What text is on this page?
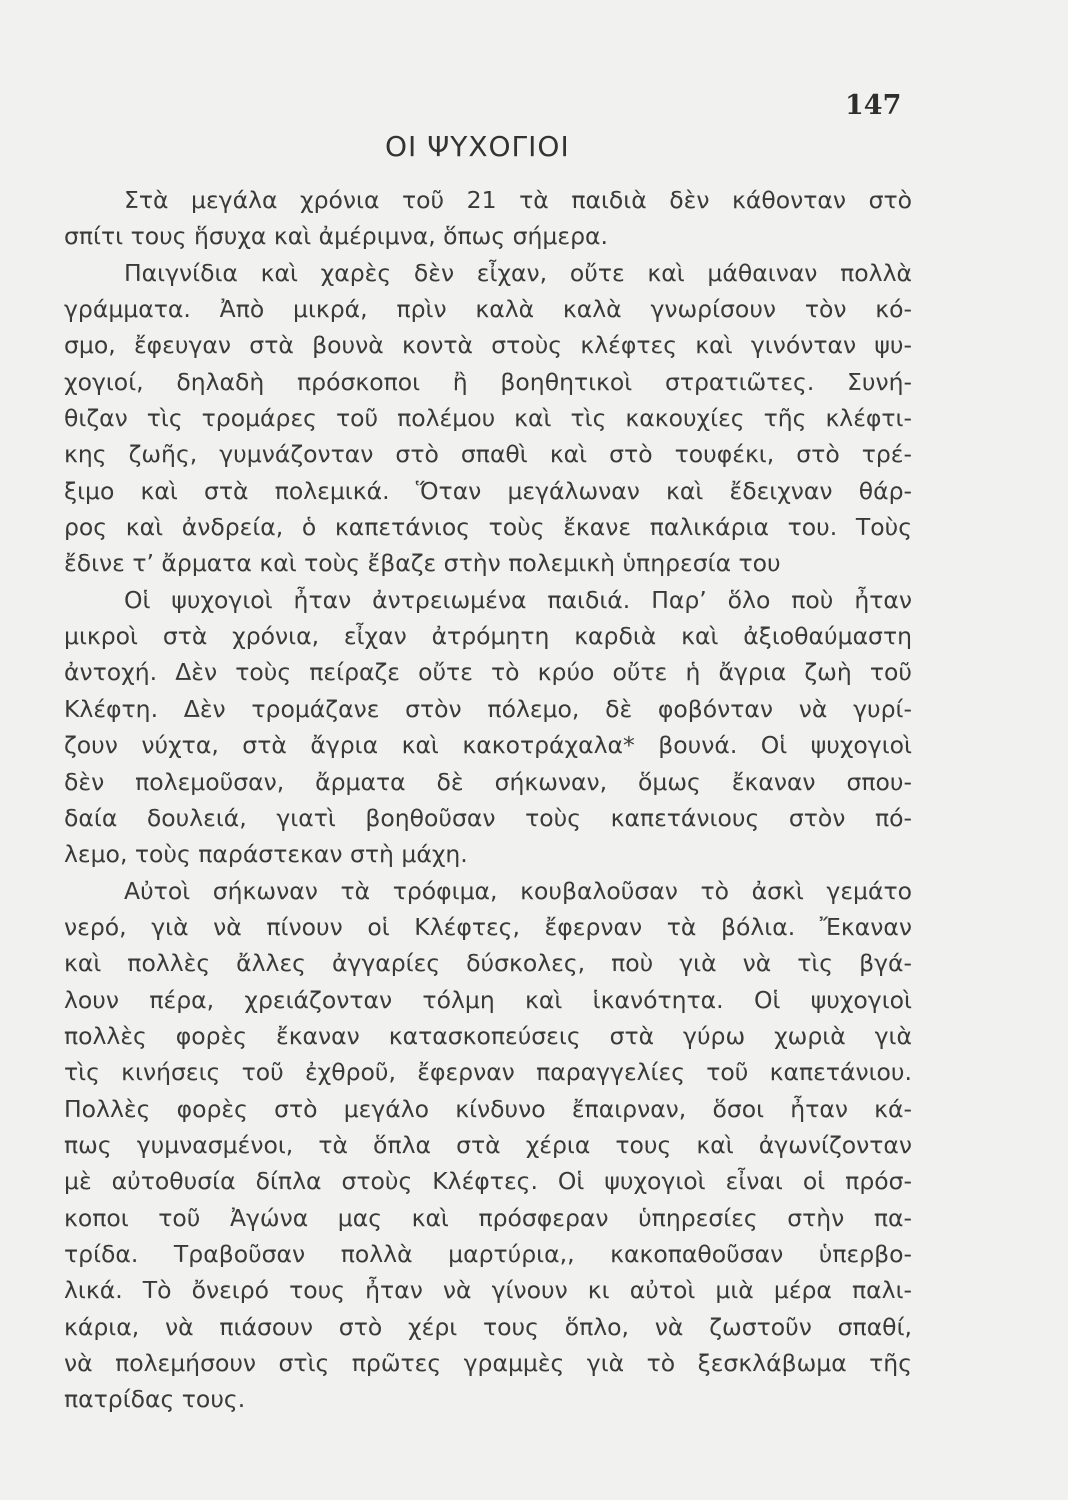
147
ΟΙ ΨΥΧΟΓΙΟΙ
Στὰ μεγάλα χρόνια τοῦ 21 τὰ παιδιὰ δὲν κάθονταν στὸ
σπίτι τους ἥσυχα καὶ ἀμέριμνα, ὅπως σήμερα.
Παιγνίδια καὶ χαρὲς δὲν εἶχαν, οὔτε καὶ μάθαιναν πολλὰ
γράμματα. Ἀπὸ μικρά, πρὶν καλὰ καλὰ γνωρίσουν τὸν κό-
σμο, ἔφευγαν στὰ βουνὰ κοντὰ στοὺς κλέφτες καὶ γινόνταν ψυ-
χογιοί, δηλαδὴ πρόσκοποι ἢ βοηθητικοὶ στρατιῶτες. Συνή-
θιζαν τὶς τρομάρες τοῦ πολέμου καὶ τὶς κακουχίες τῆς κλέφτι-
κης ζωῆς, γυμνάζονταν στὸ σπαθὶ καὶ στὸ τουφέκι, στὸ τρέ-
ξιμο καὶ στὰ πολεμικά. Ὅταν μεγάλωναν καὶ ἔδειχναν θάρ-
ρος καὶ ἀνδρεία, ὁ καπετάνιος τοὺς ἔκανε παλικάρια του. Τοὺς
ἔδινε τ’ ἄρματα καὶ τοὺς ἔβαζε στὴν πολεμικὴ ὑπηρεσία του
Οἱ ψυχογιοὶ ἦταν ἀντρειωμένα παιδιά. Παρ’ ὅλο ποὺ ἦταν
μικροὶ στὰ χρόνια, εἶχαν ἀτρόμητη καρδιὰ καὶ ἀξιοθαύμαστη
ἀντοχή. Δὲν τοὺς πείραζε οὔτε τὸ κρύο οὔτε ἡ ἄγρια ζωὴ τοῦ
Κλέφτη. Δὲν τρομάζανε στὸν πόλεμο, δὲ φοβόνταν νὰ γυρί-
ζουν νύχτα, στὰ ἄγρια καὶ κακοτράχαλα* βουνά. Οἱ ψυχογιοὶ
δὲν πολεμοῦσαν, ἄρματα δὲ σήκωναν, ὅμως ἔκαναν σπου-
δαία δουλειά, γιατὶ βοηθοῦσαν τοὺς καπετάνιους στὸν πό-
λεμο, τοὺς παράστεκαν στὴ μάχη.
Αὐτοὶ σήκωναν τὰ τρόφιμα, κουβαλοῦσαν τὸ ἀσκὶ γεμάτο
νερό, γιὰ νὰ πίνουν οἱ Κλέφτες, ἔφερναν τὰ βόλια. Ἔκαναν
καὶ πολλὲς ἄλλες ἀγγαρίες δύσκολες, ποὺ γιὰ νὰ τὶς βγά-
λουν πέρα, χρειάζονταν τόλμη καὶ ἱκανότητα. Οἱ ψυχογιοὶ
πολλὲς φορὲς ἔκαναν κατασκοπεύσεις στὰ γύρω χωριὰ γιὰ
τὶς κινήσεις τοῦ ἐχθροῦ, ἔφερναν παραγγελίες τοῦ καπετάνιου.
Πολλὲς φορὲς στὸ μεγάλο κίνδυνο ἔπαιρναν, ὅσοι ἦταν κά-
πως γυμνασμένοι, τὰ ὅπλα στὰ χέρια τους καὶ ἀγωνίζονταν
μὲ αὐτοθυσία δίπλα στοὺς Κλέφτες. Οἱ ψυχογιοὶ εἶναι οἱ πρόσ-
κοποι τοῦ Ἀγώνα μας καὶ πρόσφεραν ὑπηρεσίες στὴν πα-
τρίδα. Τραβοῦσαν πολλὰ μαρτύρια,, κακοπαθοῦσαν ὑπερβο-
λικά. Τὸ ὄνειρό τους ἦταν νὰ γίνουν κι αὐτοὶ μιὰ μέρα παλι-
κάρια, νὰ πιάσουν στὸ χέρι τους ὅπλο, νὰ ζωστοῦν σπαθί,
νὰ πολεμήσουν στὶς πρῶτες γραμμὲς γιὰ τὸ ξεσκλάβωμα τῆς
πατρίδας τους.
